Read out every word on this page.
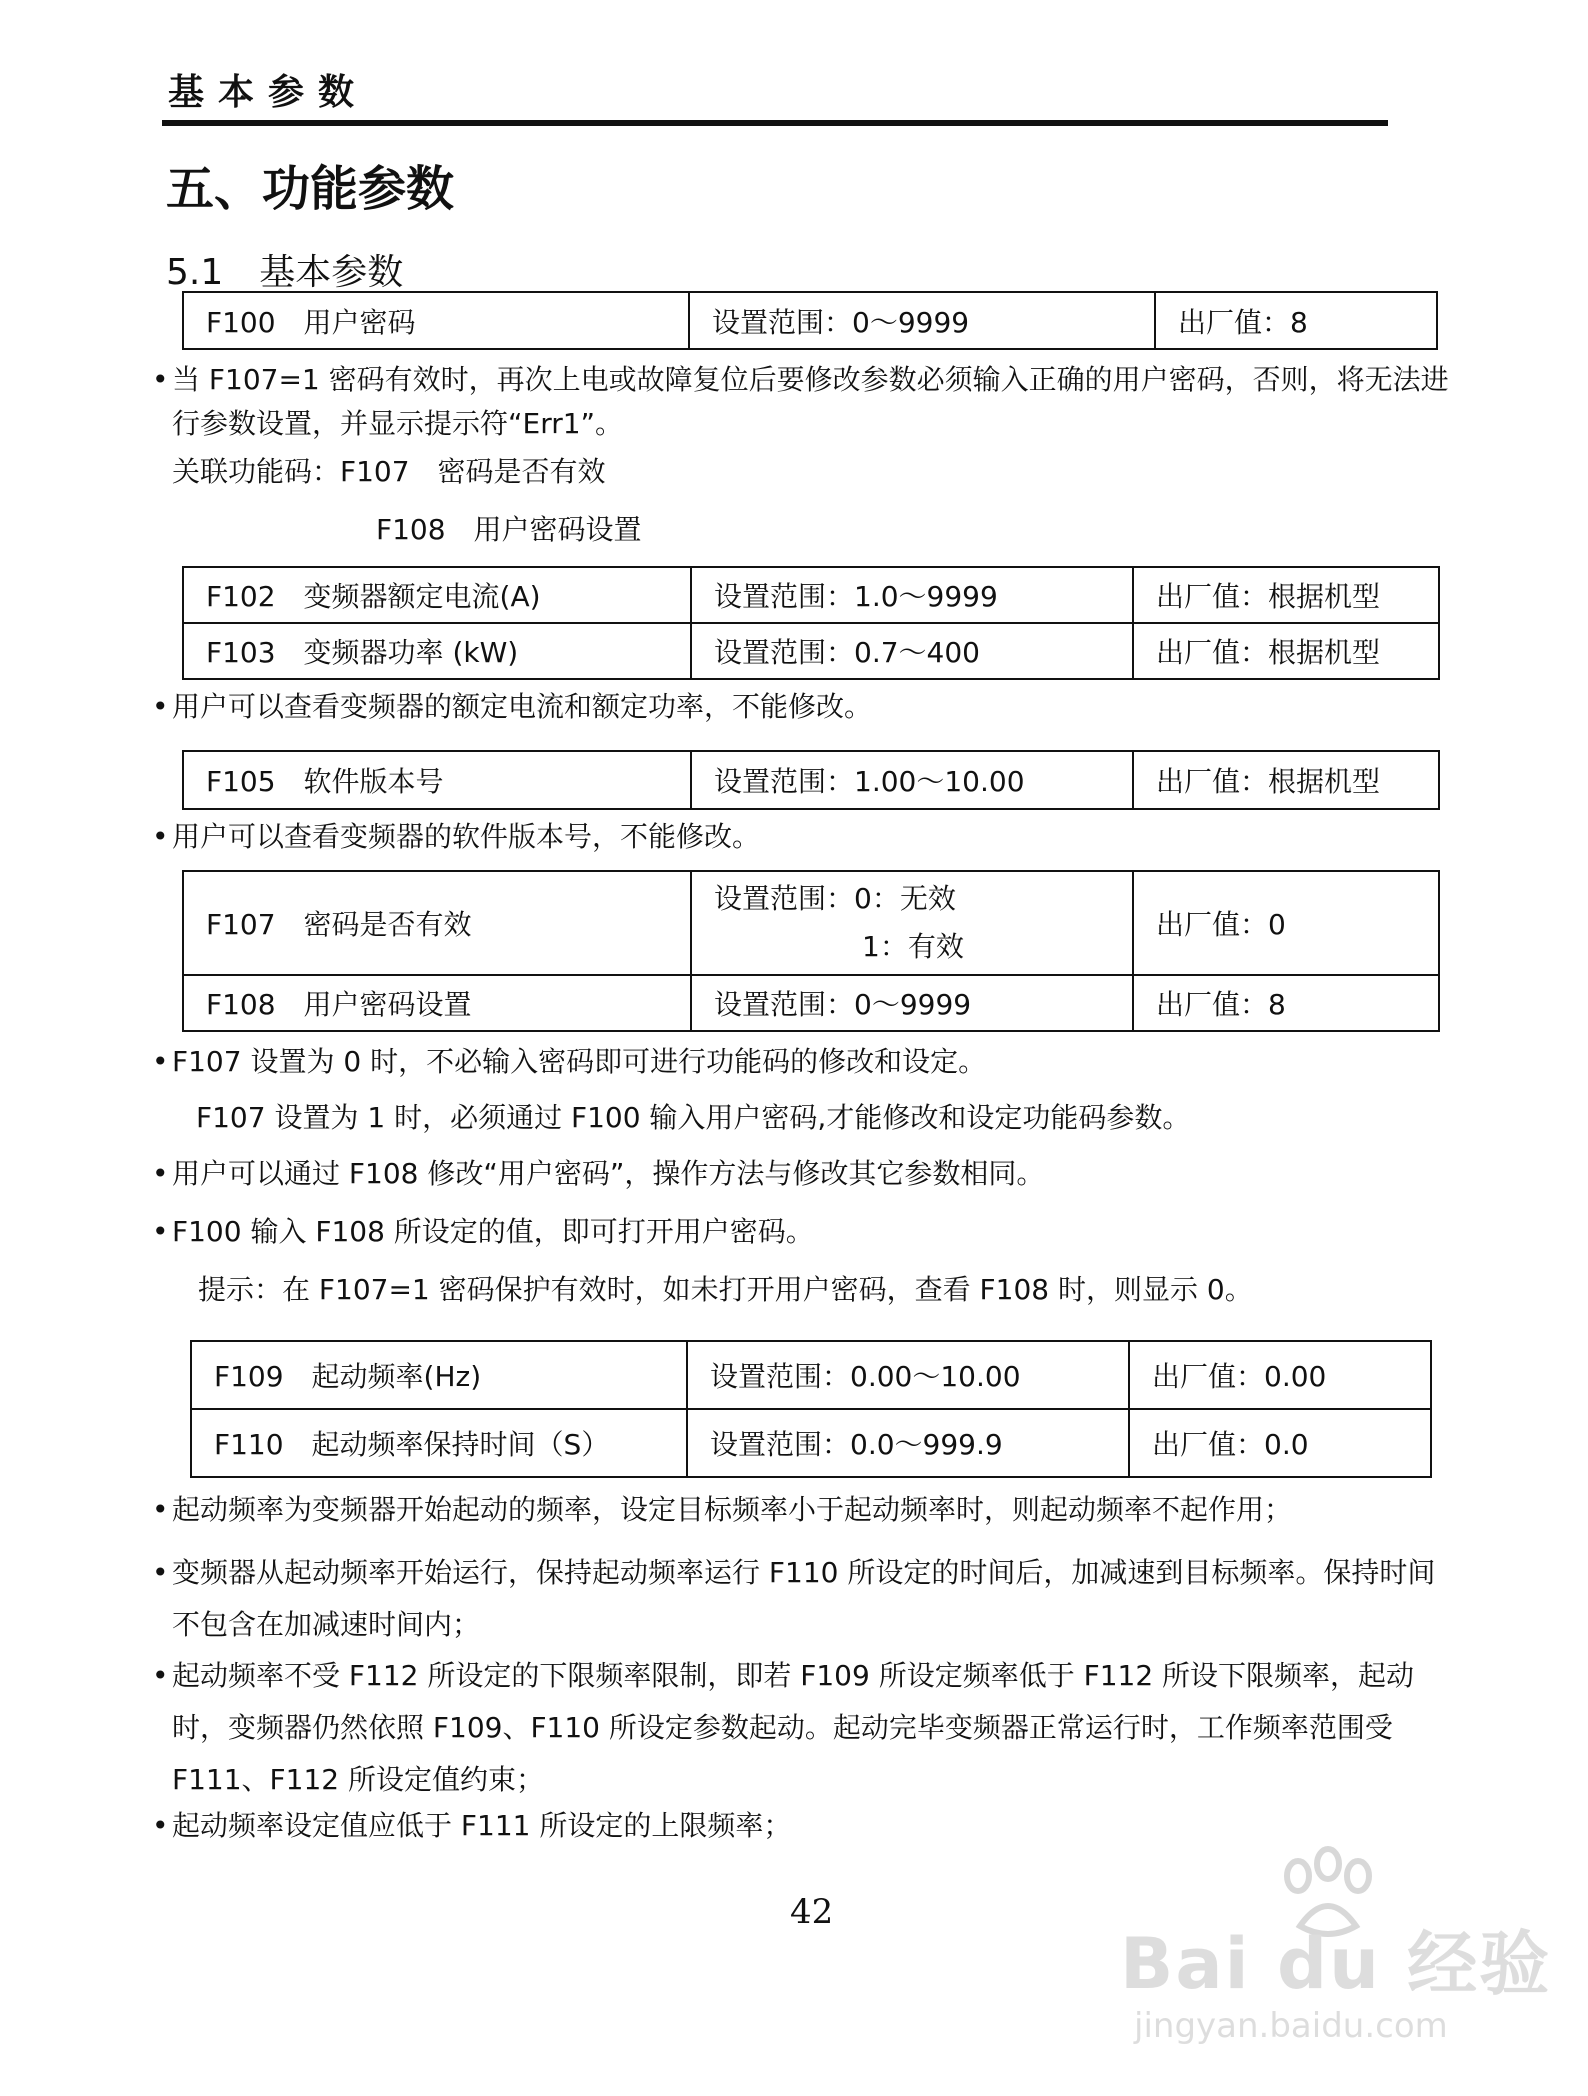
基本参数
五、功能参数
5.1　基本参数
F100　用户密码	设置范围：0～9999	出厂值：8
• 当 F107=1 密码有效时，再次上电或故障复位后要修改参数必须输入正确的用户密码，否则，将无法进行参数设置，并显示提示符“Err1”。
关联功能码：F107　密码是否有效
F108　用户密码设置
F102　变频器额定电流(A)	设置范围：1.0～9999	出厂值：根据机型
F103　变频器功率 (kW)	设置范围：0.7～400	出厂值：根据机型
• 用户可以查看变频器的额定电流和额定功率，不能修改。
F105　软件版本号	设置范围：1.00～10.00	出厂值：根据机型
• 用户可以查看变频器的软件版本号，不能修改。
F107　密码是否有效	设置范围：0：无效
1：有效	出厂值：0
F108　用户密码设置	设置范围：0～9999	出厂值：8
• F107 设置为 0 时，不必输入密码即可进行功能码的修改和设定。
F107 设置为 1 时，必须通过 F100 输入用户密码,才能修改和设定功能码参数。
• 用户可以通过 F108 修改“用户密码”，操作方法与修改其它参数相同。
• F100 输入 F108 所设定的值，即可打开用户密码。
提示：在 F107=1 密码保护有效时，如未打开用户密码，查看 F108 时，则显示 0。
F109　起动频率(Hz)	设置范围：0.00～10.00	出厂值：0.00
F110　起动频率保持时间（S）	设置范围：0.0～999.9	出厂值：0.0
• 起动频率为变频器开始起动的频率，设定目标频率小于起动频率时，则起动频率不起作用；
• 变频器从起动频率开始运行，保持起动频率运行 F110 所设定的时间后，加减速到目标频率。保持时间不包含在加减速时间内；
• 起动频率不受 F112 所设定的下限频率限制，即若 F109 所设定频率低于 F112 所设下限频率，起动时，变频器仍然依照 F109、F110 所设定参数起动。起动完毕变频器正常运行时，工作频率范围受 F111、F112 所设定值约束；
• 起动频率设定值应低于 F111 所设定的上限频率；
42
Bai du 经验
jingyan.baidu.com
